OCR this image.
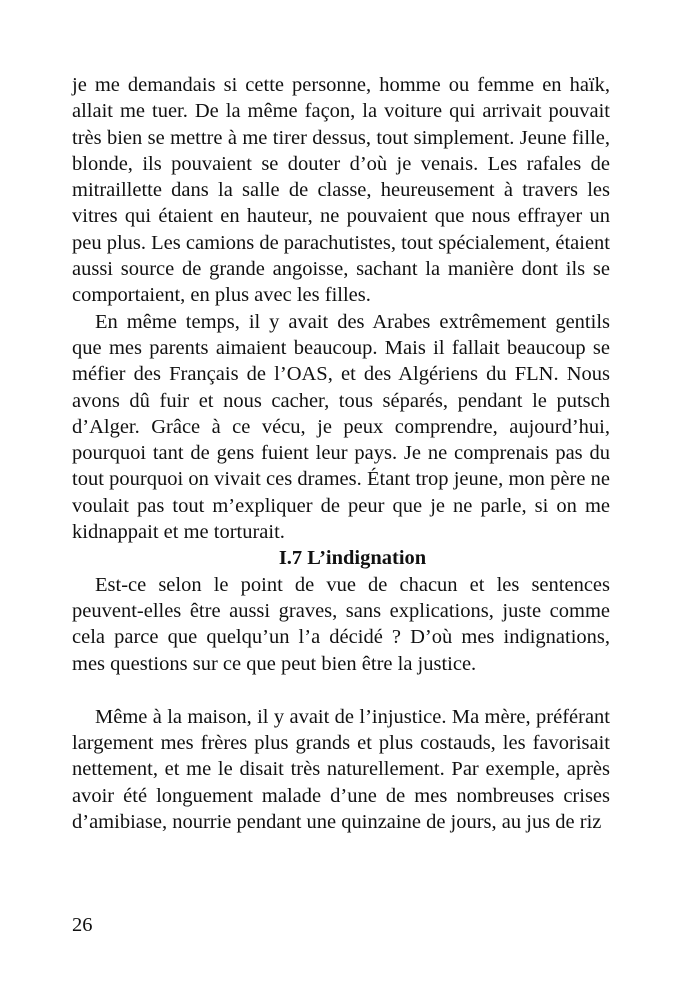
je me demandais si cette personne, homme ou femme en haïk, allait me tuer. De la même façon, la voiture qui arrivait pouvait très bien se mettre à me tirer dessus, tout simplement. Jeune fille, blonde, ils pouvaient se douter d’où je venais. Les rafales de mitraillette dans la salle de classe, heureusement à travers les vitres qui étaient en hauteur, ne pouvaient que nous effrayer un peu plus. Les camions de parachutistes, tout spécialement, étaient aussi source de grande angoisse, sachant la manière dont ils se comportaient, en plus avec les filles.

En même temps, il y avait des Arabes extrêmement gentils que mes parents aimaient beaucoup. Mais il fallait beaucoup se méfier des Français de l’OAS, et des Algériens du FLN. Nous avons dû fuir et nous cacher, tous séparés, pendant le putsch d’Alger. Grâce à ce vécu, je peux comprendre, aujourd’hui, pourquoi tant de gens fuient leur pays. Je ne comprenais pas du tout pourquoi on vivait ces drames. Étant trop jeune, mon père ne voulait pas tout m’expliquer de peur que je ne parle, si on me kidnappait et me torturait.

I.7 L’indignation

Est-ce selon le point de vue de chacun et les sentences peuvent-elles être aussi graves, sans explications, juste comme cela parce que quelqu’un l’a décidé ? D’où mes indignations, mes questions sur ce que peut bien être la justice.

Même à la maison, il y avait de l’injustice. Ma mère, préférant largement mes frères plus grands et plus costauds, les favorisait nettement, et me le disait très naturellement. Par exemple, après avoir été longuement malade d’une de mes nombreuses crises d’amibiase, nourrie pendant une quinzaine de jours, au jus de riz

26
